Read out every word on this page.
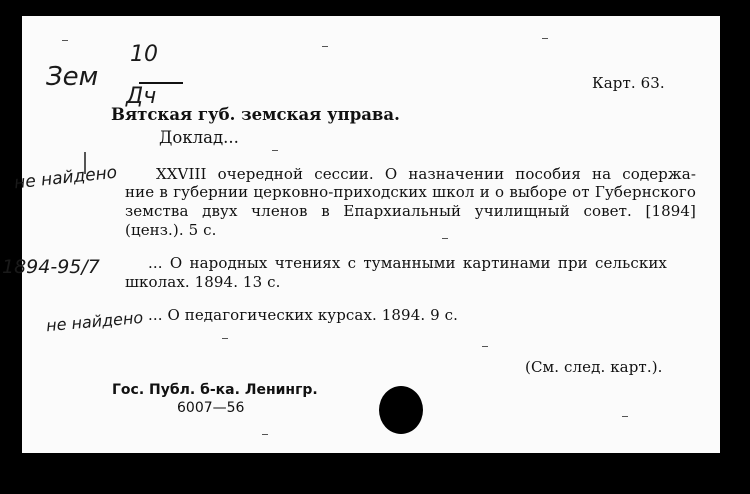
Зем
10
Дч
Карт. 63.
Вятская губ. земская управа.
Доклад...
не найдено
1894-95/7
не найдено
XXVIII очередной сессии. О назначении пособия на содержа-
ние в губернии церковно-приходских школ и о выборе от Губернского
земства двух членов в Епархиальный училищный совет. [1894]
(ценз.). 5 с.
... О народных чтениях с туманными картинами при сельских
школах. 1894. 13 с.
... О педагогических курсах. 1894. 9 с.
(См. след. карт.).
Гос. Публ. б-ка. Ленингр.
6007—56
